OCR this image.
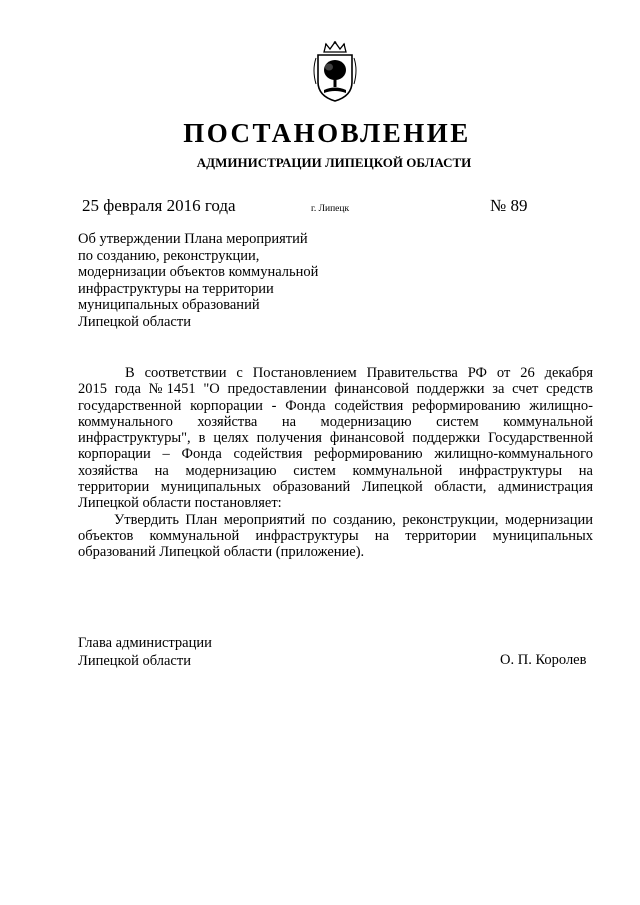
ПОСТАНОВЛЕНИЕ
АДМИНИСТРАЦИИ ЛИПЕЦКОЙ ОБЛАСТИ
25 февраля 2016 года	г. Липецк	№ 89
Об утверждении Плана мероприятий
по созданию, реконструкции,
модернизации объектов коммунальной
инфраструктуры на территории
муниципальных образований
Липецкой области
В соответствии с Постановлением Правительства РФ от 26 декабря
2015 года №1451 "О предоставлении финансовой поддержки за счет средств
государственной корпорации - Фонда содействия реформированию жилищно-
коммунального хозяйства на модернизацию систем коммунальной
инфраструктуры", в целях получения финансовой поддержки Государственной
корпорации – Фонда содействия реформированию жилищно-коммунального
хозяйства на модернизацию систем коммунальной инфраструктуры на
территории муниципальных образований Липецкой области, администрация
Липецкой области постановляет:
Утвердить План мероприятий по созданию, реконструкции, модернизации
объектов коммунальной инфраструктуры на территории муниципальных
образований Липецкой области (приложение).
Глава администрации
Липецкой области	О. П. Королев
